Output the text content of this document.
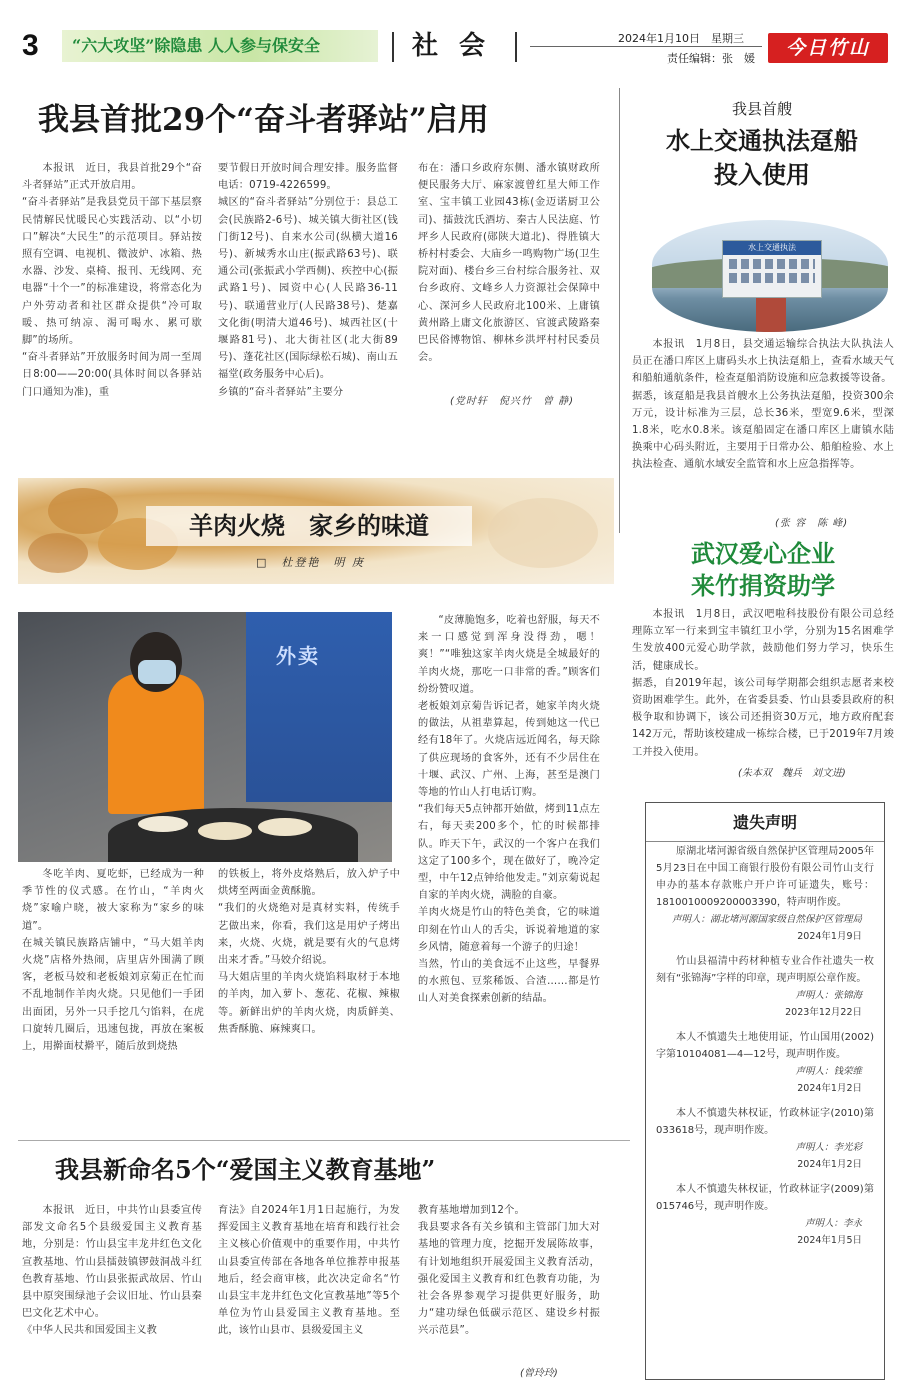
3	“六大攻坚”除隐患 人人参与保安全	社 会	2024年1月10日　星期三
责任编辑：张　媛	今日竹山
我县首批29个“奋斗者驿站”启用

本报讯　近日，我县首批29个“奋斗者驿站”正式开放启用。
“奋斗者驿站”是我县党员干部下基层察民情解民忧暖民心实践活动、以“小切口”解决“大民生”的示范项目。驿站按照有空调、电视机、微波炉、冰箱、热水器、沙发、桌椅、报刊、无线网、充电器“十个一”的标准建设，将常态化为户外劳动者和社区群众提供“冷可取暖、热可纳凉、渴可喝水、累可歇脚”的场所。
“奋斗者驿站”开放服务时间为周一至周日8:00——20:00(具体时间以各驿站门口通知为准)，重

要节假日开放时间合理安排。服务监督电话：0719-4226599。
城区的“奋斗者驿站”分别位于：县总工会(民族路2-6号)、城关镇大街社区(钱门街12号)、自来水公司(纵横大道16号)、新城秀水山庄(振武路63号)、联通公司(张振武小学西侧)、疾控中心(振武路1号)、园资中心(人民路36-11号)、联通营业厅(人民路38号)、楚嘉文化街(明清大道46号)、城西社区(十堰路81号)、北大街社区(北大街89号)、蓬花社区(国际绿松石城)、南山五福堂(政务服务中心后)。
乡镇的“奋斗者驿站”主要分

布在：潘口乡政府东侧、潘水镇财政所便民服务大厅、麻家渡曾红星大师工作室、宝丰镇工业园43栋(金迈诺厨卫公司)、擂鼓沈氏酒坊、秦古人民法庭、竹坪乡人民政府(郧陕大道北)、得胜镇大桥村村委会、大庙乡一鸣购物广场(卫生院对面)、楼台乡三台村综合服务社、双台乡政府、文峰乡人力资源社会保障中心、深河乡人民政府北100米、上庸镇黄州路上庸文化旅游区、官渡武陵路秦巴民俗博物馆、柳林乡洪坪村村民委员会。

(党时轩　倪兴竹　曾 静)
我县首艘
水上交通执法趸船
投入使用
水上交通执法

本报讯　1月8日，县交通运输综合执法大队执法人员正在潘口库区上庸码头水上执法趸船上，查看水域天气和船舶通航条件，检查趸船消防设施和应急救援等设备。
据悉，该趸船是我县首艘水上公务执法趸船，投资300余万元，设计标准为三层，总长36米，型宽9.6米，型深1.8米，吃水0.8米。该趸船固定在潘口库区上庸镇水陆换乘中心码头附近，主要用于日常办公、船舶检验、水上执法检查、通航水域安全监管和水上应急指挥等。

(张 容　陈 峰)
武汉爱心企业
来竹捐资助学

本报讯　1月8日，武汉吧啦科技股份有限公司总经理陈立军一行来到宝丰镇红卫小学，分别为15名困难学生发放400元爱心助学款，鼓励他们努力学习，快乐生活，健康成长。
据悉，自2019年起，该公司每学期都会组织志愿者来校资助困难学生。此外，在省委县委、竹山县委县政府的积极争取和协调下，该公司还捐资30万元，地方政府配套142万元，帮助该校建成一栋综合楼，已于2019年7月竣工并投入使用。

(朱本双　魏兵　刘文进)
羊肉火烧　家乡的味道
□　杜登艳　明 庚
外卖

“皮薄脆饱多，吃着也舒服，每天不来一口感觉到浑身没得劲，嗯！爽！”“唯独这家羊肉火烧是全城最好的羊肉火烧，那吃一口非常的香。”顾客们纷纷赞叹道。
老板娘刘京菊告诉记者，她家羊肉火烧的做法，从祖辈算起，传到她这一代已经有18年了。火烧店远近闻名，每天除了供应现场的食客外，还有不少居住在十堰、武汉、广州、上海，甚至是澳门等地的竹山人打电话订购。
“我们每天5点钟都开始做，烤到11点左右，每天卖200多个，忙的时候都排队。昨天下午，武汉的一个客户在我们这定了100多个，现在做好了，晚冷定型，中午12点钟给他发走。”刘京菊说起自家的羊肉火烧，满脸的自豪。
羊肉火烧是竹山的特色美食，它的味道印刻在竹山人的舌尖，诉说着地道的家乡风情，随意着每一个游子的归途！
当然，竹山的美食远不止这些，早餐界的水煎包、豆浆稀饭、合渣……都是竹山人对美食探索创新的结晶。

冬吃羊肉、夏吃虾，已经成为一种季节性的仪式感。在竹山，“羊肉火烧”家喻户晓，被大家称为“家乡的味道”。
在城关镇民族路店铺中，“马大姐羊肉火烧”店格外热闹，店里店外围满了顾客，老板马姣和老板娘刘京菊正在忙而不乱地制作羊肉火烧。只见他们一手团出面团，另外一只手挖几勺馅料，在虎口旋转几圈后，迅速包拢，再放在案板上，用擀面杖擀平，随后放到烧热

的铁板上，将外皮烙熟后，放入炉子中烘烤至两面金黄酥脆。
“我们的火烧绝对是真材实料，传统手艺做出来，你看，我们这是用炉子烤出来，火烧、火烧，就是要有火的气息烤出来才香。”马姣介绍说。
马大姐店里的羊肉火烧馅料取材于本地的羊肉，加入萝卜、葱花、花椒、辣椒等。新鲜出炉的羊肉火烧，肉质鲜美、焦香酥脆、麻辣爽口。

遗失声明

原湖北堵河源省级自然保护区管理局2005年5月23日在中国工商银行股份有限公司竹山支行申办的基本存款账户开户许可证遗失，账号：1810010009200003390，特声明作废。

声明人：湖北堵河源国家级自然保护区管理局

2024年1月9日

竹山县福清中药材种植专业合作社遗失一枚刻有“张锦海”字样的印章，现声明原公章作废。

声明人：张锦海

2023年12月22日

本人不慎遗失土地使用证，竹山国用(2002)字第10104081—4—12号，现声明作废。

声明人：钱荣维

2024年1月2日

本人不慎遗失林权证，竹政林证字(2010)第033618号，现声明作废。

声明人：李光彩

2024年1月2日

本人不慎遗失林权证，竹政林证字(2009)第015746号，现声明作废。

声明人：李永

2024年1月5日

我县新命名5个“爱国主义教育基地”

本报讯　近日，中共竹山县委宣传部发文命名5个县级爱国主义教育基地，分别是：竹山县宝丰龙井红色文化宣教基地、竹山县擂鼓镇锣鼓洞战斗红色教育基地、竹山县张振武故居、竹山县中原突围绿池子会议旧址、竹山县秦巴文化艺术中心。
《中华人民共和国爱国主义教

育法》自2024年1月1日起施行，为发挥爱国主义教育基地在培育和践行社会主义核心价值观中的重要作用，中共竹山县委宣传部在各地各单位推荐申报基地后，经会商审核，此次决定命名“竹山县宝丰龙井红色文化宣教基地”等5个单位为竹山县爱国主义教育基地。至此，该竹山县市、县级爱国主义

教育基地增加到12个。
我县要求各有关乡镇和主管部门加大对基地的管理力度，挖掘开发展陈故事，有计划地组织开展爱国主义教育活动，强化爱国主义教育和红色教育功能，为社会各界参观学习提供更好服务，助力“建功绿色低碳示范区、建设乡村振兴示范县”。

(曾玲玲)
